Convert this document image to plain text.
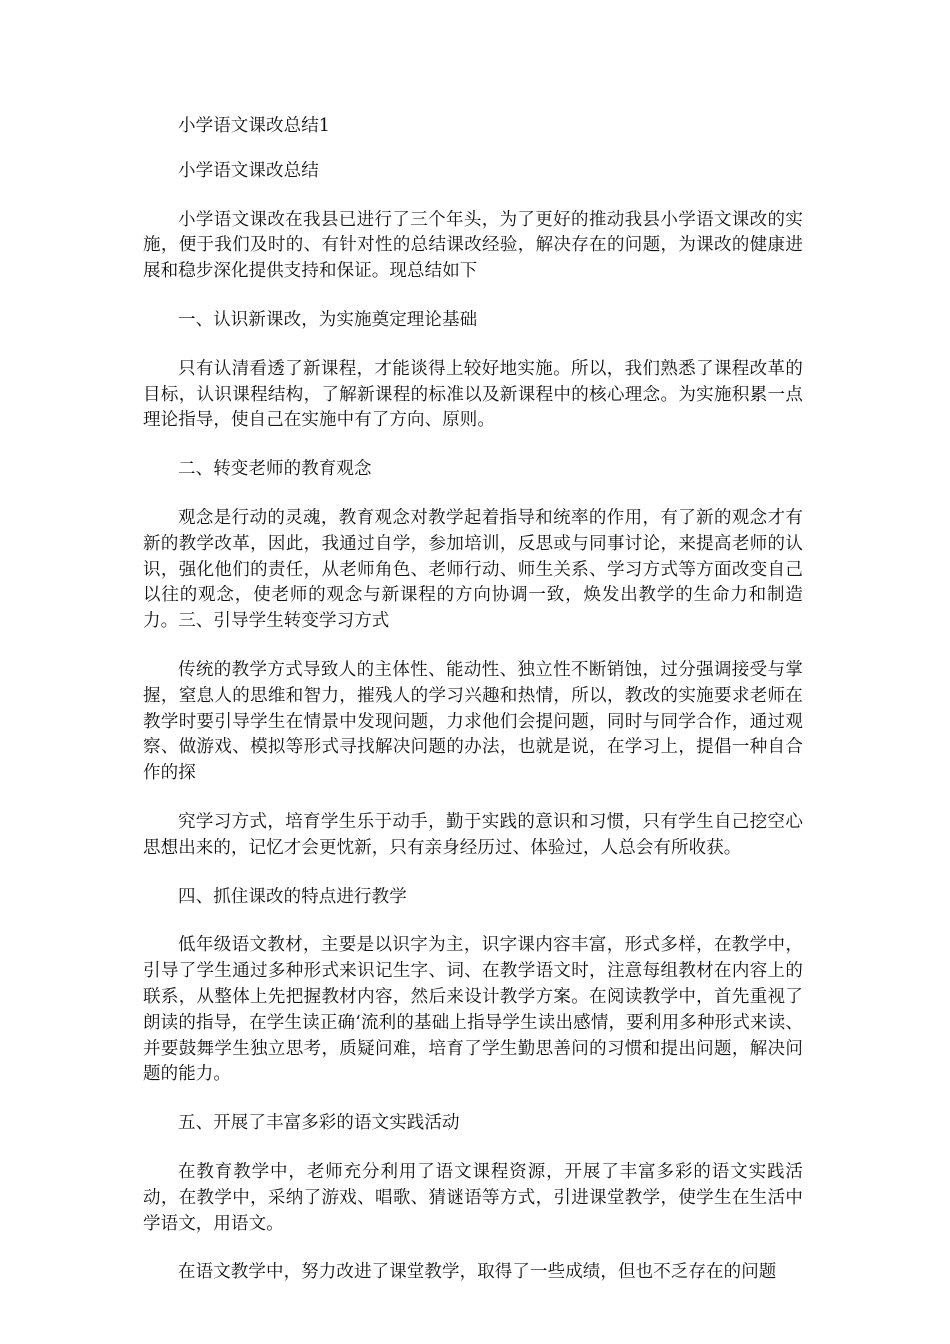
小学语文课改总结1

小学语文课改总结

小学语文课改在我县已进行了三个年头，为了更好的推动我县小学语文课改的实施，便于我们及时的、有针对性的总结课改经验，解决存在的问题，为课改的健康进展和稳步深化提供支持和保证。现总结如下

一、认识新课改，为实施奠定理论基础

只有认清看透了新课程，才能谈得上较好地实施。所以，我们熟悉了课程改革的目标，认识课程结构，了解新课程的标准以及新课程中的核心理念。为实施积累一点理论指导，使自己在实施中有了方向、原则。

二、转变老师的教育观念

观念是行动的灵魂，教育观念对教学起着指导和统率的作用，有了新的观念才有新的教学改革，因此，我通过自学，参加培训，反思或与同事讨论，来提高老师的认识，强化他们的责任，从老师角色、老师行动、师生关系、学习方式等方面改变自己以往的观念，使老师的观念与新课程的方向协调一致，焕发出教学的生命力和制造力。三、引导学生转变学习方式

传统的教学方式导致人的主体性、能动性、独立性不断销蚀，过分强调接受与掌握，窒息人的思维和智力，摧残人的学习兴趣和热情，所以，教改的实施要求老师在教学时要引导学生在情景中发现问题，力求他们会提问题，同时与同学合作，通过观察、做游戏、模拟等形式寻找解决问题的办法，也就是说，在学习上，提倡一种自合作的探

究学习方式，培育学生乐于动手，勤于实践的意识和习惯，只有学生自己挖空心思想出来的，记忆才会更忱新，只有亲身经历过、体验过，人总会有所收获。

四、抓住课改的特点进行教学

低年级语文教材，主要是以识字为主，识字课内容丰富，形式多样，在教学中，引导了学生通过多种形式来识记生字、词、在教学语文时，注意每组教材在内容上的联系，从整体上先把握教材内容，然后来设计教学方案。在阅读教学中，首先重视了朗读的指导，在学生读正确‘流利的基础上指导学生读出感情，要利用多种形式来读、并要鼓舞学生独立思考，质疑问难，培育了学生勤思善问的习惯和提出问题，解决问题的能力。

五、开展了丰富多彩的语文实践活动

在教育教学中，老师充分利用了语文课程资源，开展了丰富多彩的语文实践活动，在教学中，采纳了游戏、唱歌、猜谜语等方式，引进课堂教学，使学生在生活中学语文，用语文。

在语文教学中，努力改进了课堂教学，取得了一些成绩，但也不乏存在的问题
